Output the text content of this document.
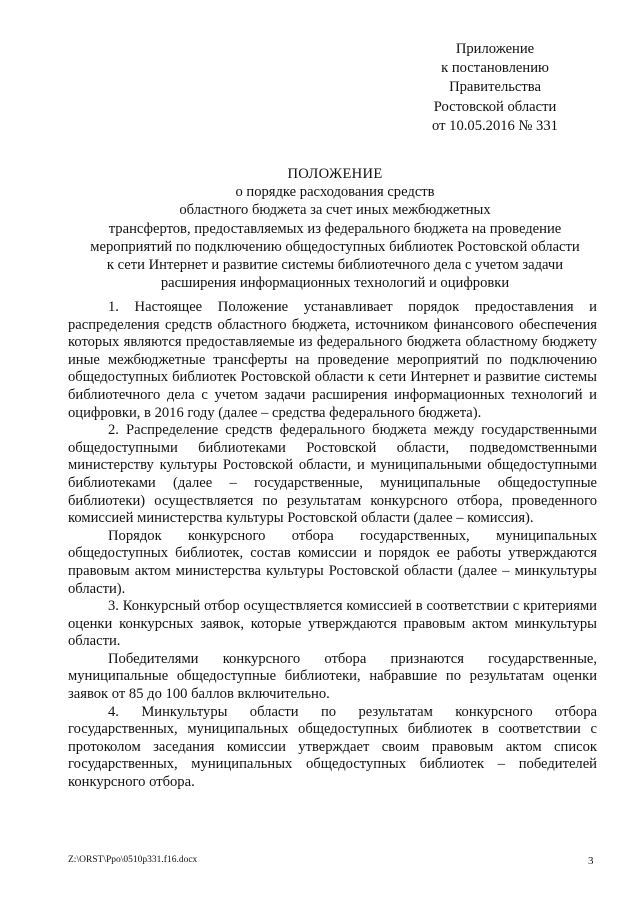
Приложение
к постановлению
Правительства
Ростовской области
от 10.05.2016 № 331
ПОЛОЖЕНИЕ
о порядке расходования средств
областного бюджета за счет иных межбюджетных
трансфертов, предоставляемых из федерального бюджета на проведение
мероприятий по подключению общедоступных библиотек Ростовской области
к сети Интернет и развитие системы библиотечного дела с учетом задачи
расширения информационных технологий и оцифровки

1. Настоящее Положение устанавливает порядок предоставления и распределения средств областного бюджета, источником финансового обеспечения которых являются предоставляемые из федерального бюджета областному бюджету иные межбюджетные трансферты на проведение мероприятий по подключению общедоступных библиотек Ростовской области к сети Интернет и развитие системы библиотечного дела с учетом задачи расширения информационных технологий и оцифровки, в 2016 году (далее – средства федерального бюджета).

2. Распределение средств федерального бюджета между государственными общедоступными библиотеками Ростовской области, подведомственными министерству культуры Ростовской области, и муниципальными общедоступными библиотеками (далее – государственные, муниципальные общедоступные библиотеки) осуществляется по результатам конкурсного отбора, проведенного комиссией министерства культуры Ростовской области (далее – комиссия).

Порядок конкурсного отбора государственных, муниципальных общедоступных библиотек, состав комиссии и порядок ее работы утверждаются правовым актом министерства культуры Ростовской области (далее – минкультуры области).

3. Конкурсный отбор осуществляется комиссией в соответствии с критериями оценки конкурсных заявок, которые утверждаются правовым актом минкультуры области.

Победителями конкурсного отбора признаются государственные, муниципальные общедоступные библиотеки, набравшие по результатам оценки заявок от 85 до 100 баллов включительно.

4. Минкультуры области по результатам конкурсного отбора государственных, муниципальных общедоступных библиотек в соответствии с протоколом заседания комиссии утверждает своим правовым актом список государственных, муниципальных общедоступных библиотек – победителей конкурсного отбора.

Z:\ORST\Ppo\0510p331.f16.docx	3
